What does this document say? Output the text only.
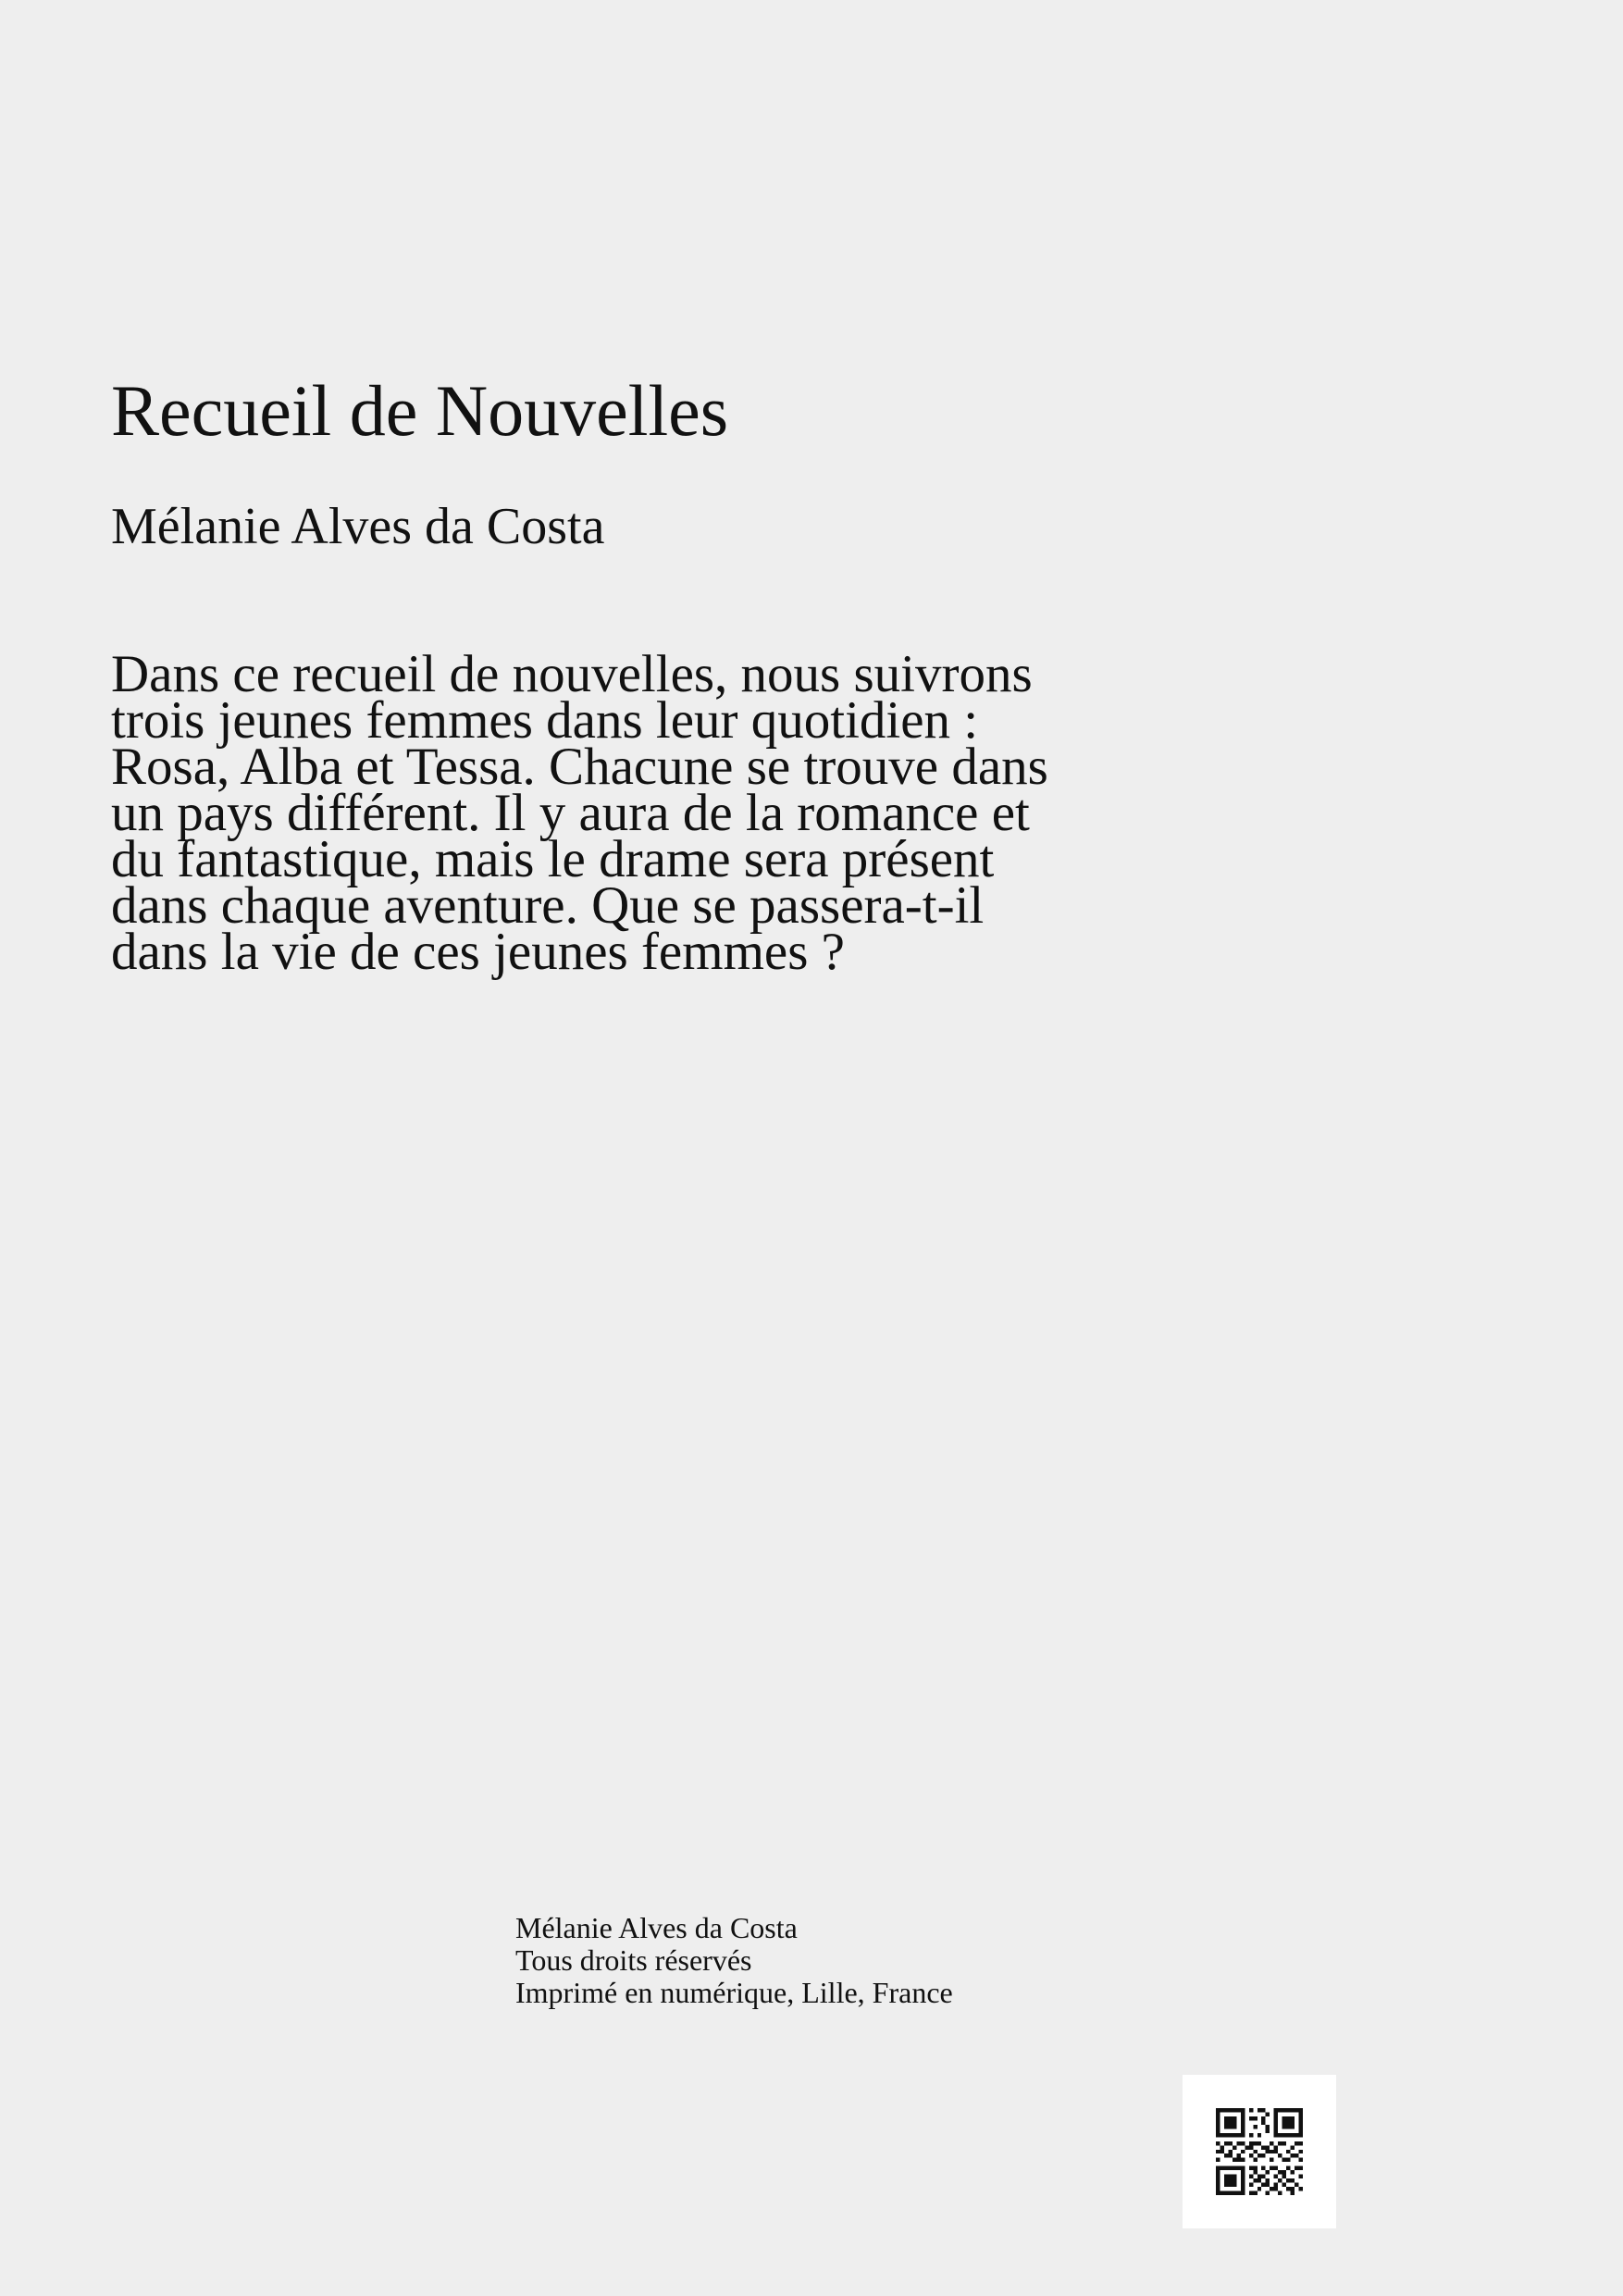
Recueil de Nouvelles
Mélanie Alves da Costa
Dans ce recueil de nouvelles, nous suivrons
trois jeunes femmes dans leur quotidien :
Rosa, Alba et Tessa. Chacune se trouve dans
un pays différent. Il y aura de la romance et
du fantastique, mais le drame sera présent
dans chaque aventure. Que se passera-t-il
dans la vie de ces jeunes femmes ?
Mélanie Alves da Costa
Tous droits réservés
Imprimé en numérique, Lille, France
